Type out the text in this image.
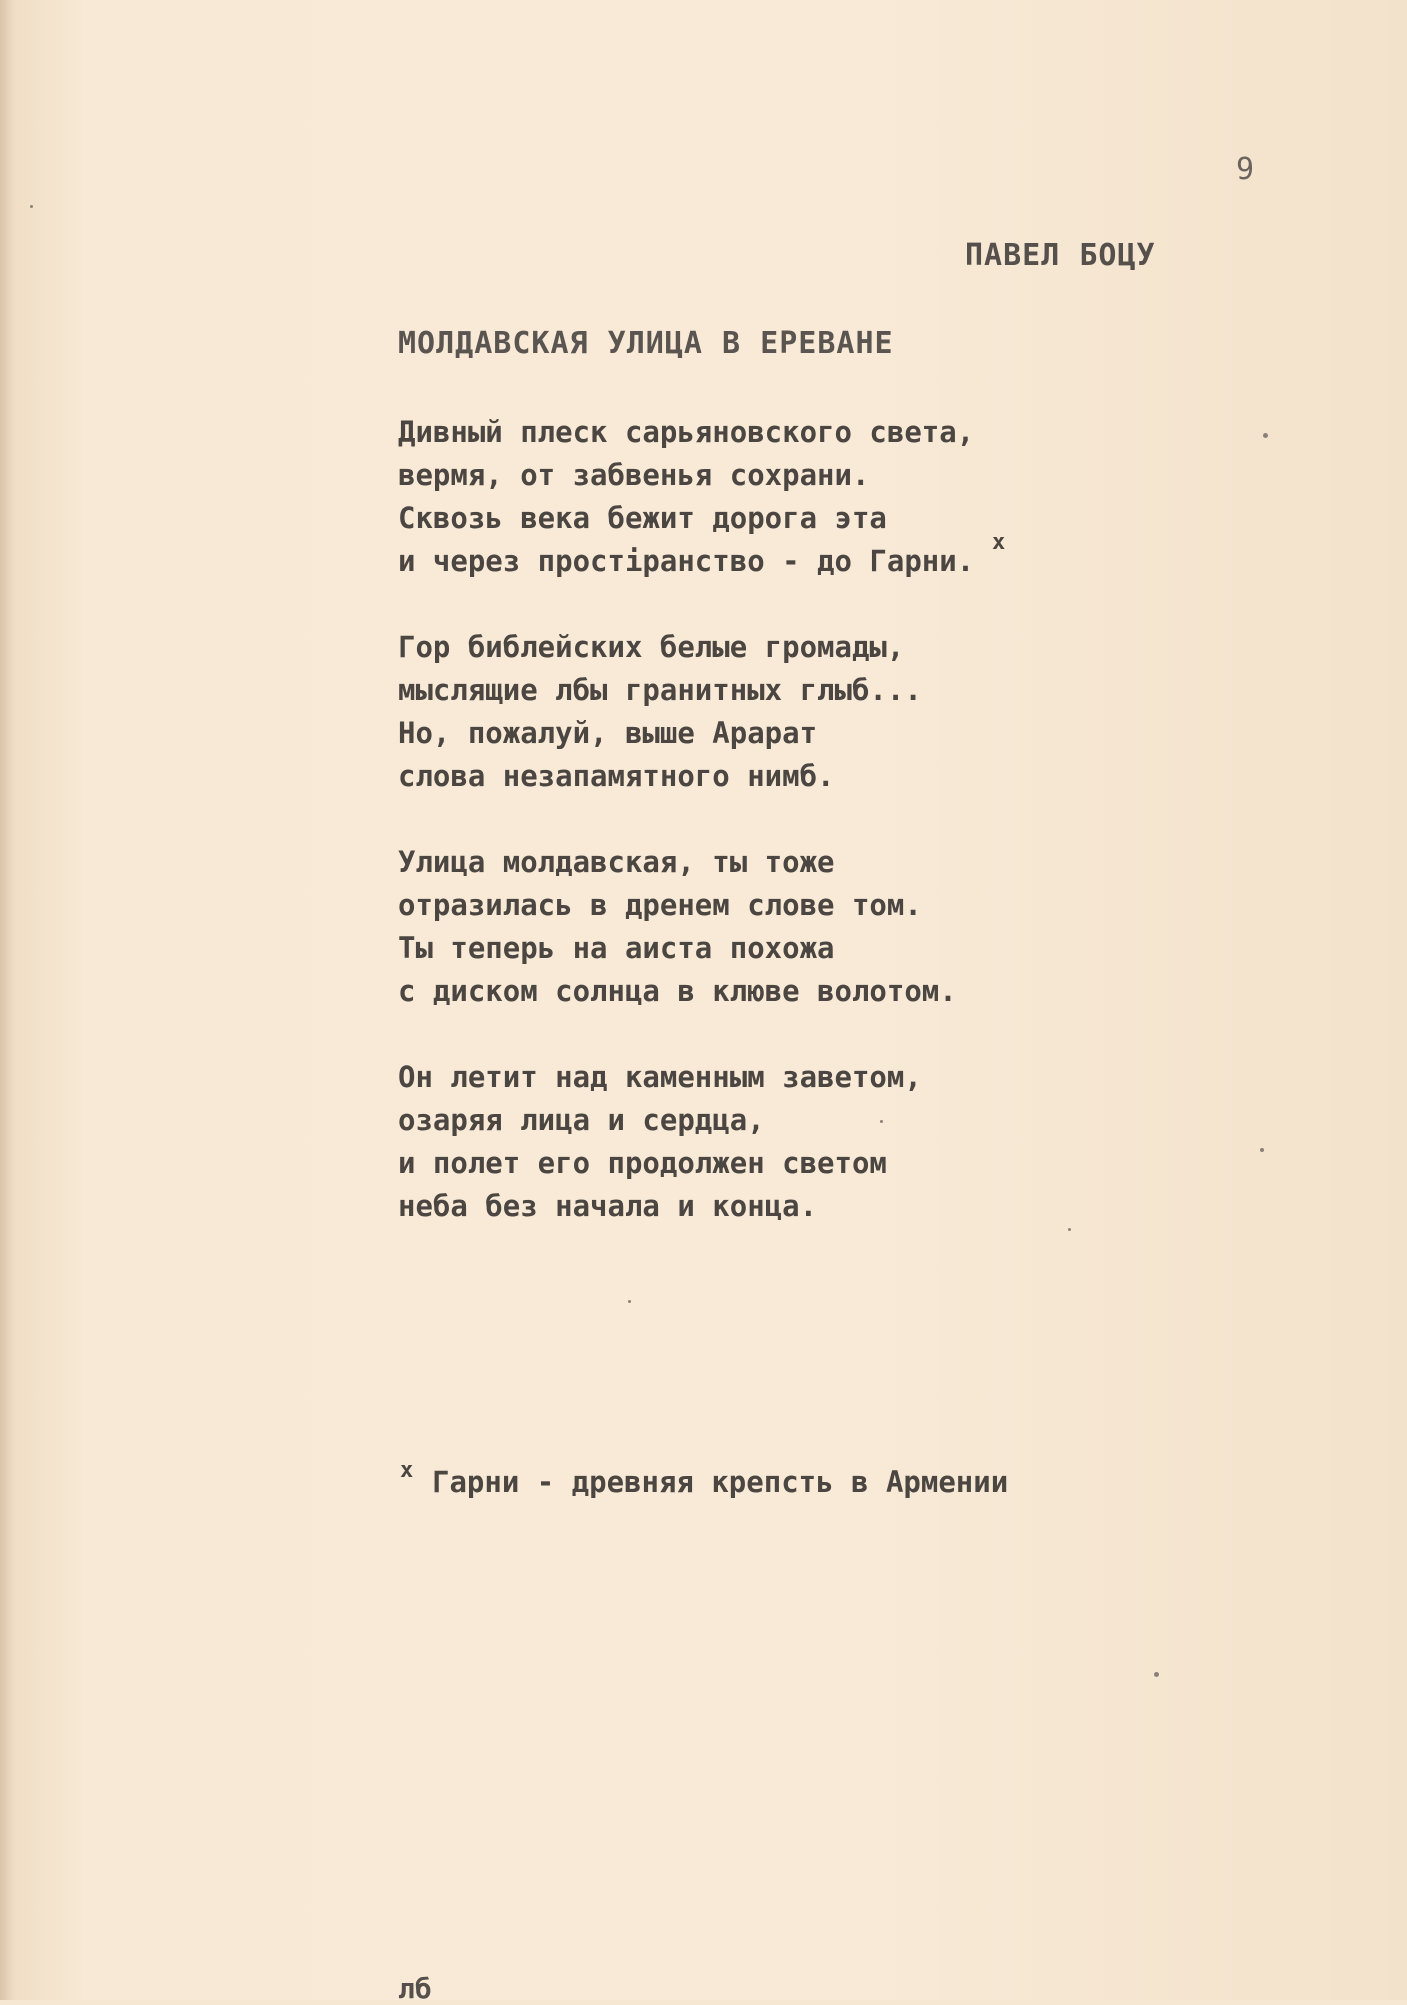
9
ПАВЕЛ БОЦУ
МОЛДАВСКАЯ УЛИЦА В ЕРЕВАНЕ
Дивный плеск сарьяновского света,
вермя, от забвенья сохрани.
Сквозь века бежит дорога эта
и через простiранство - до Гарни.
Гор библейских белые громады,
мыслящие лбы гранитных глыб...
Но, пожалуй, выше Арарат
слова незапамятного нимб.
Улица молдавская, ты тоже
отразилась в дренем слове том.
Ты теперь на аиста похожа
с диском солнца в клюве волотом.
Он летит над каменным заветом,
озаряя лица и сердца,
и полет его продолжен светом
неба без начала и конца.
х
х Гарни - древняя крепсть в Армении
лб
